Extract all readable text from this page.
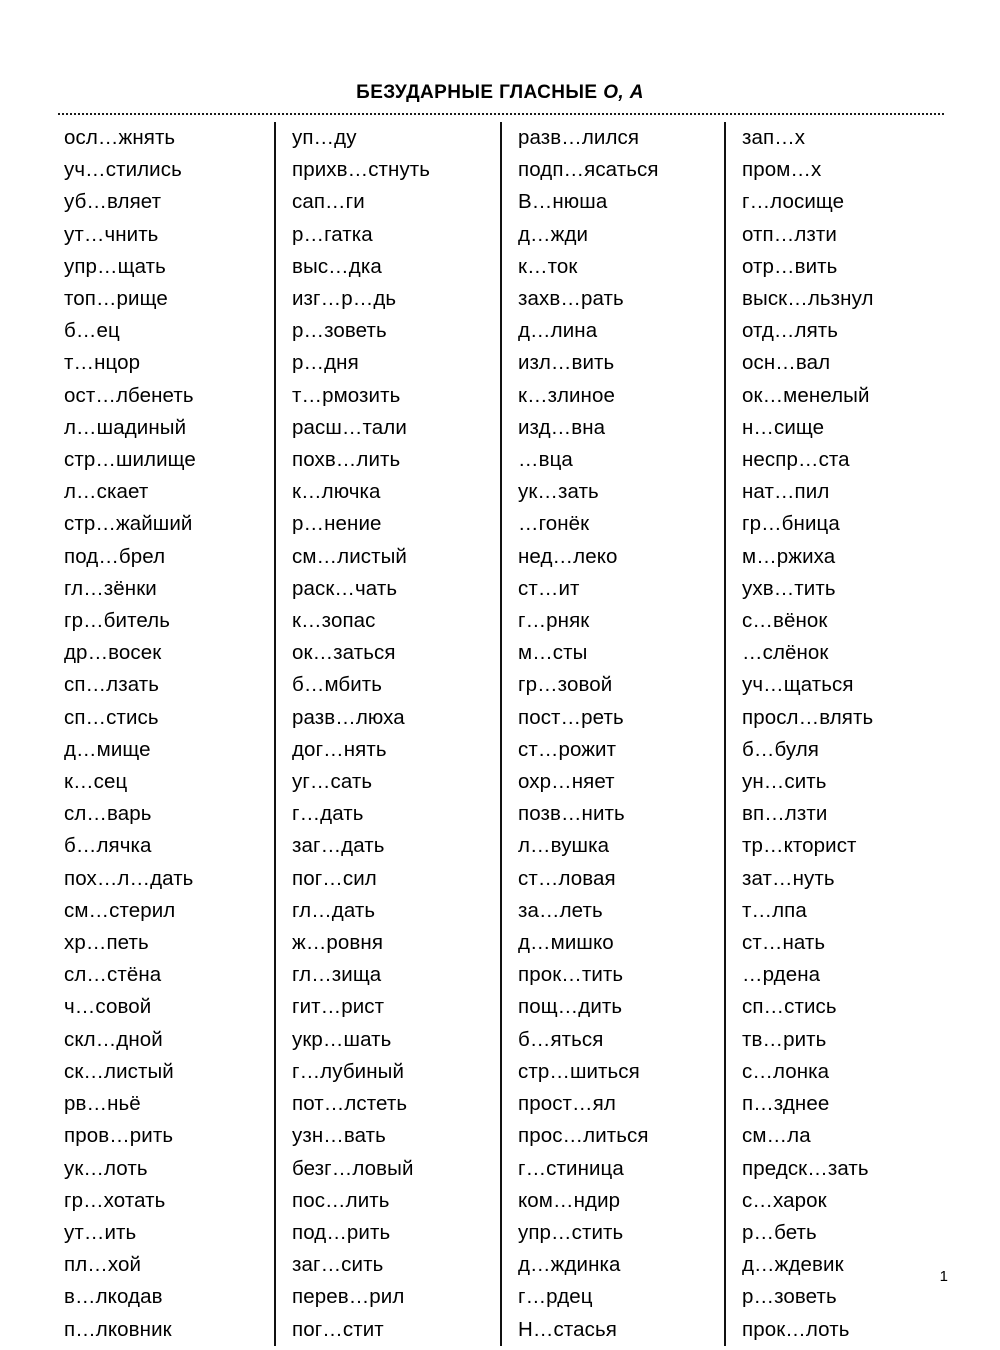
БЕЗУДАРНЫЕ ГЛАСНЫЕ О, А
осл…жнять
уч…стились
уб…вляет
ут…чнить
упр…щать
топ…рище
б…ец
т…нцор
ост…лбенеть
л…шадиный
стр…шилище
л…скает
стр…жайший
под…брел
гл…зёнки
гр…битель
др…восек
сп…лзать
сп…стись
д…мище
к…сец
сл…варь
б…лячка
пох…л…дать
см…стерил
хр…петь
сл…стёна
ч…совой
скл…дной
ск…листый
рв…ньё
пров…рить
ук…лоть
гр…хотать
ут…ить
пл…хой
в…лкодав
п…лковник
уп…ду
прихв…стнуть
сап…ги
р…гатка
выс…дка
изг…р…дь
р…зоветь
р…дня
т…рмозить
расш…тали
похв…лить
к…лючка
р…нение
см…листый
раск…чать
к…зопас
ок…заться
б…мбить
разв…люха
дог…нять
уг…сать
г…дать
заг…дать
пог…сил
гл…дать
ж…ровня
гл…зища
гит…рист
укр…шать
г…лубиный
пот…лстеть
узн…вать
безг…ловый
пос…лить
под…рить
заг…сить
перев…рил
пог…стит
разв…лился
подп…ясаться
В…нюша
д…жди
к…ток
захв…рать
д…лина
изл…вить
к…злиное
изд…вна
…вца
ук…зать
…гонёк
нед…леко
ст…ит
г…рняк
м…сты
гр…зовой
пост…реть
ст…рожит
охр…няет
позв…нить
л…вушка
ст…ловая
за…леть
д…мишко
прок…тить
пощ…дить
б…яться
стр…шиться
прост…ял
прос…литься
г…стиница
ком…ндир
упр…стить
д…ждинка
г…рдец
Н…стасья
зап…х
пром…х
г…лосище
отп…лзти
отр…вить
выск…льзнул
отд…лять
осн…вал
ок…менелый
н…сище
неспр…ста
нат…пил
гр…бница
м…ржиха
ухв…тить
с…вёнок
…слёнок
уч…щаться
просл…влять
б…буля
ун…сить
вп…лзти
тр…кторист
зат…нуть
т…лпа
ст…нать
…рдена
сп…стись
тв…рить
с…лонка
п…зднее
см…ла
предск…зать
с…харок
р…беть
д…ждевик
р…зоветь
прок…лоть
1
